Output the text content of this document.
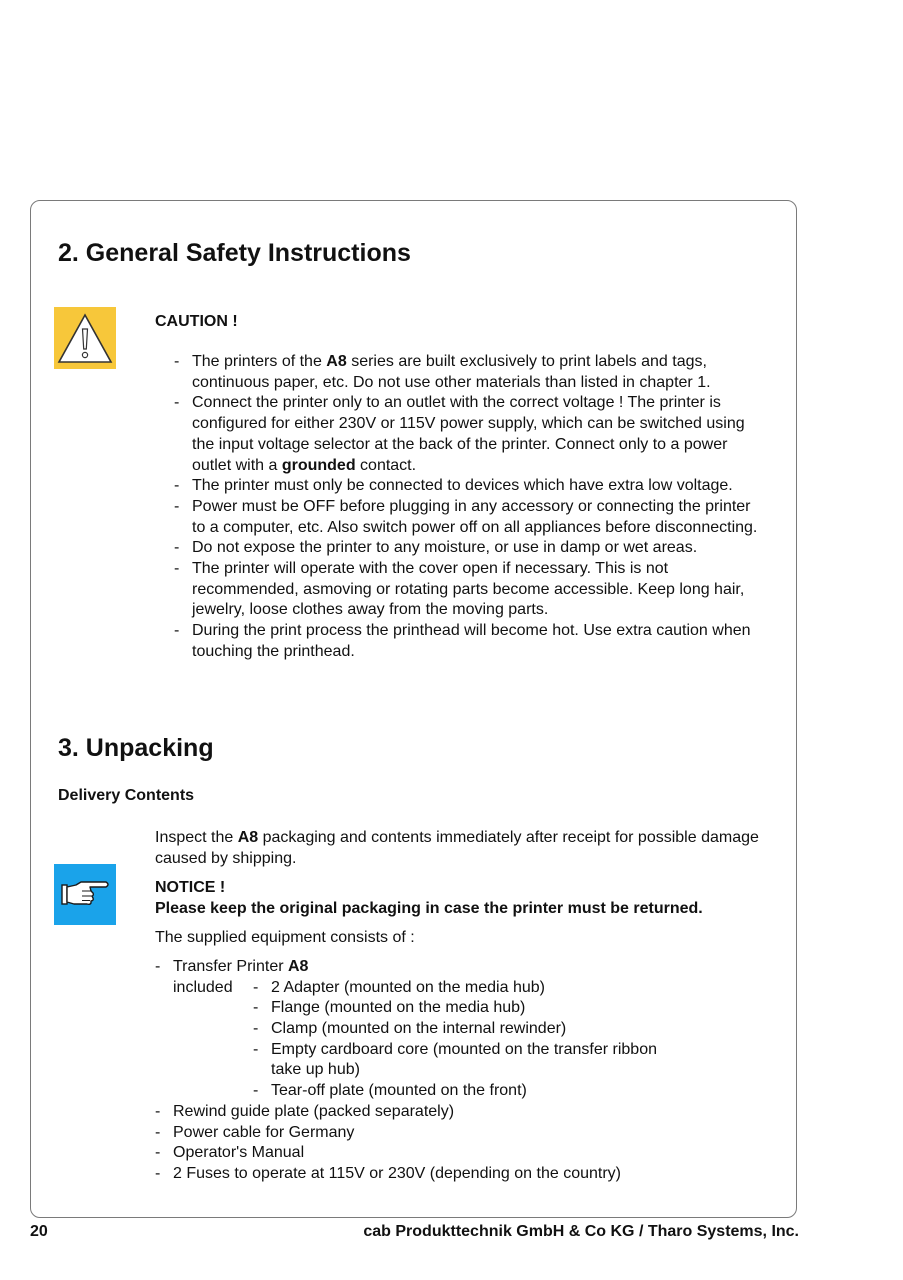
2. General Safety Instructions
CAUTION !
- The printers of the A8 series are built exclusively to print labels and tags, continuous paper, etc. Do not use other materials than listed in chapter 1.
- Connect the printer only to an outlet with the correct voltage ! The printer is configured for either 230V or 115V power supply, which can be switched using the input voltage selector at the back of the printer. Connect only to a power outlet with a grounded contact.
- The printer must only be connected to devices which have extra low voltage.
- Power must be OFF before plugging in any accessory or connecting the printer to a computer, etc. Also switch power off on all appliances before disconnecting.
- Do not expose the printer to any moisture, or use in damp or wet areas.
- The printer will operate with the cover open if necessary. This is not recommended, asmoving or rotating parts become accessible. Keep long hair, jewelry, loose clothes away from the moving parts.
- During the print process the printhead will become hot. Use extra caution when touching the printhead.
3. Unpacking
Delivery Contents
Inspect the A8 packaging and contents immediately after receipt for possible damage caused by shipping.
NOTICE !
Please keep the original packaging in case the printer must be returned.
The supplied equipment consists of :
- Transfer Printer A8
included - 2 Adapter (mounted on the media hub)
- Flange (mounted on the media hub)
- Clamp (mounted on the internal rewinder)
- Empty cardboard core (mounted on the transfer ribbon
take up hub)
- Tear-off plate (mounted on the front)
- Rewind guide plate (packed separately)
- Power cable for Germany
- Operator's Manual
- 2 Fuses to operate at 115V or 230V (depending on the country)
20	cab Produkttechnik GmbH & Co KG / Tharo Systems, Inc.
